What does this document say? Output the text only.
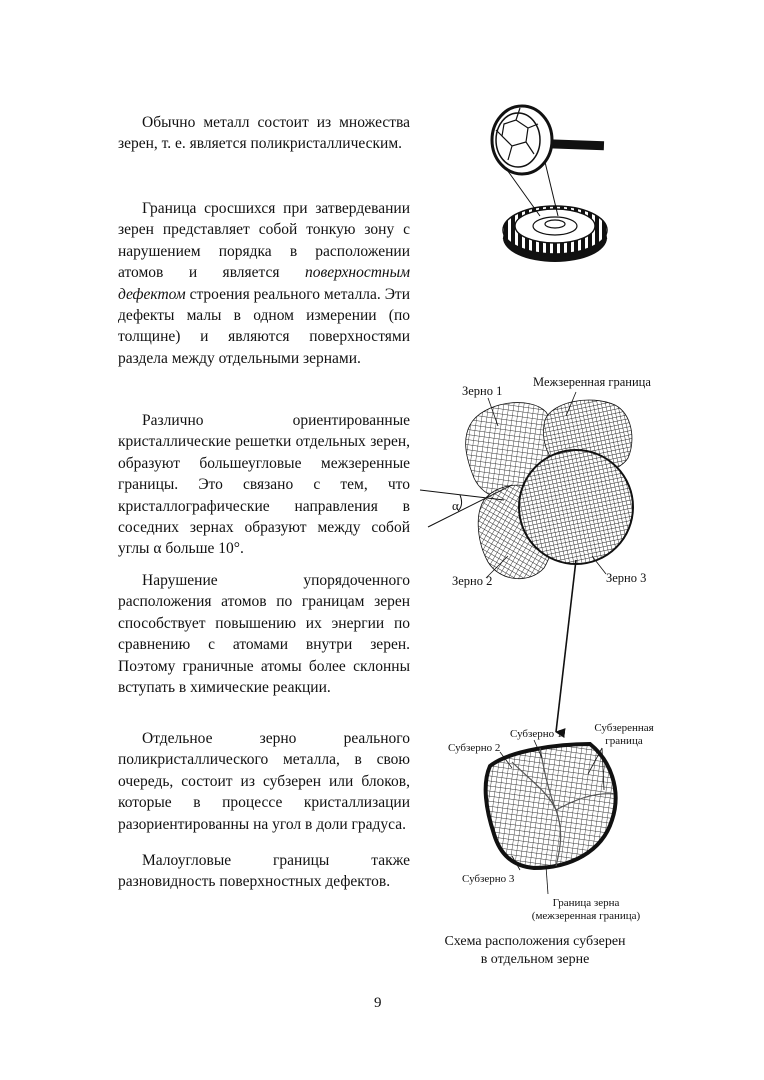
Обычно металл состоит из множества зерен, т. е. является поликристаллическим.

Граница сросшихся при затвердевании зерен представляет собой тонкую зону с нарушением порядка в расположении атомов и является поверхностным дефектом строения реального металла. Эти дефекты малы в одном измерении (по толщине) и являются поверхностями раздела между отдельными зернами.

Различно ориентированные кристаллические решетки отдельных зерен, образуют большеугловые межзеренные границы. Это связано с тем, что кристаллографические направления в соседних зернах образуют между собой углы α больше 10°.

Нарушение упорядоченного расположения атомов по границам зерен способствует повышению их энергии по сравнению с атомами внутри зерен. Поэтому граничные атомы более склонны вступать в химические реакции.

Отдельное зерно реального поликристаллического металла, в свою очередь, состоит из субзерен или блоков, которые в процессе кристаллизации разориентированны на угол в доли градуса.

Малоугловые границы также разновидность поверхностных дефектов.

Зерно 1
Межзеренная граница
α
Зерно 2	Зерно 3
Субзерно 1
Субзерно 2
Субзеренная
граница
Субзерно 3
Граница зерна
(межзеренная граница)
Схема расположения субзерен
в отдельном зерне
9
